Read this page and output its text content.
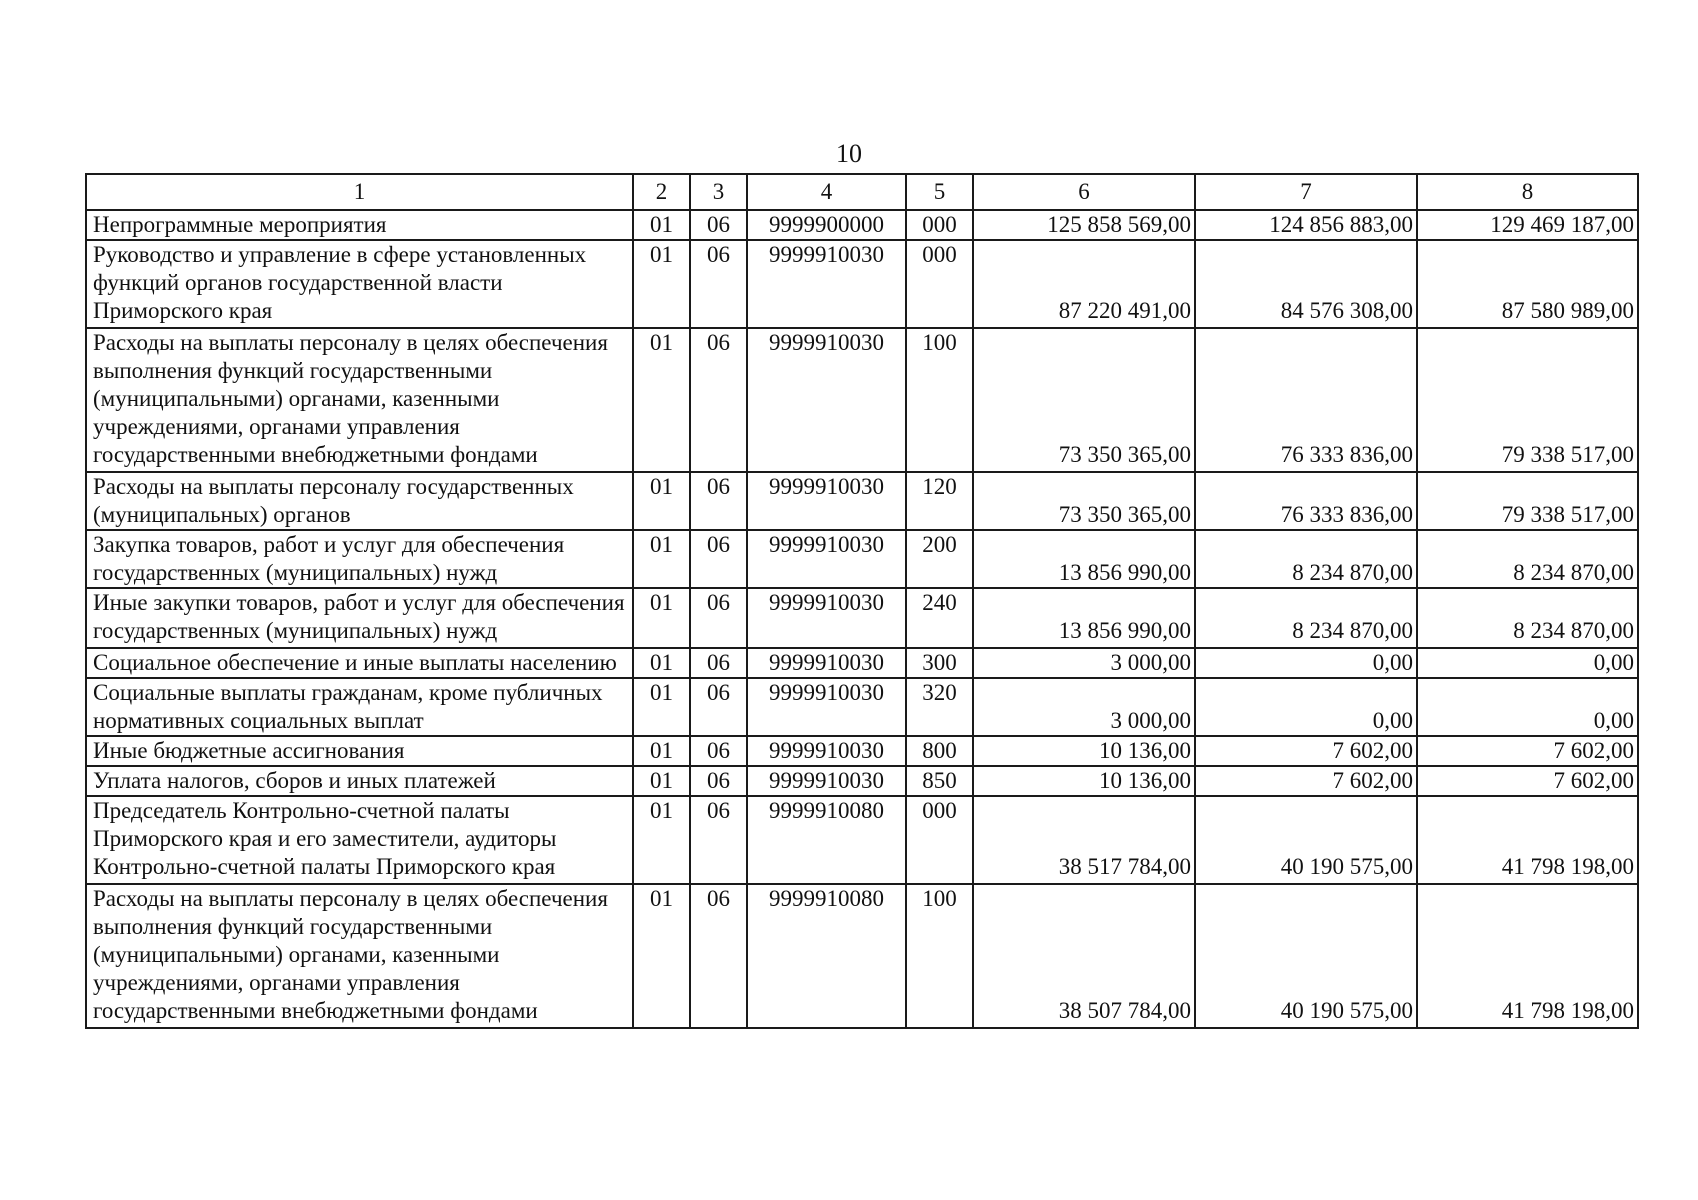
10
1	2	3	4	5	6	7	8
Непрограммные мероприятия	01	06	9999900000	000	125 858 569,00	124 856 883,00	129 469 187,00
Руководство и управление в сфере установленных функций органов государственной власти Приморского края	01	06	9999910030	000	87 220 491,00	84 576 308,00	87 580 989,00
Расходы на выплаты персоналу в целях обеспечения выполнения функций государственными (муниципальными) органами, казенными учреждениями, органами управления государственными внебюджетными фондами	01	06	9999910030	100	73 350 365,00	76 333 836,00	79 338 517,00
Расходы на выплаты персоналу государственных (муниципальных) органов	01	06	9999910030	120	73 350 365,00	76 333 836,00	79 338 517,00
Закупка товаров, работ и услуг для обеспечения государственных (муниципальных) нужд	01	06	9999910030	200	13 856 990,00	8 234 870,00	8 234 870,00
Иные закупки товаров, работ и услуг для обеспечения государственных (муниципальных) нужд	01	06	9999910030	240	13 856 990,00	8 234 870,00	8 234 870,00
Социальное обеспечение и иные выплаты населению	01	06	9999910030	300	3 000,00	0,00	0,00
Социальные выплаты гражданам, кроме публичных нормативных социальных выплат	01	06	9999910030	320	3 000,00	0,00	0,00
Иные бюджетные ассигнования	01	06	9999910030	800	10 136,00	7 602,00	7 602,00
Уплата налогов, сборов и иных платежей	01	06	9999910030	850	10 136,00	7 602,00	7 602,00
Председатель Контрольно-счетной палаты Приморского края и его заместители, аудиторы Контрольно-счетной палаты Приморского края	01	06	9999910080	000	38 517 784,00	40 190 575,00	41 798 198,00
Расходы на выплаты персоналу в целях обеспечения выполнения функций государственными (муниципальными) органами, казенными учреждениями, органами управления государственными внебюджетными фондами	01	06	9999910080	100	38 507 784,00	40 190 575,00	41 798 198,00
